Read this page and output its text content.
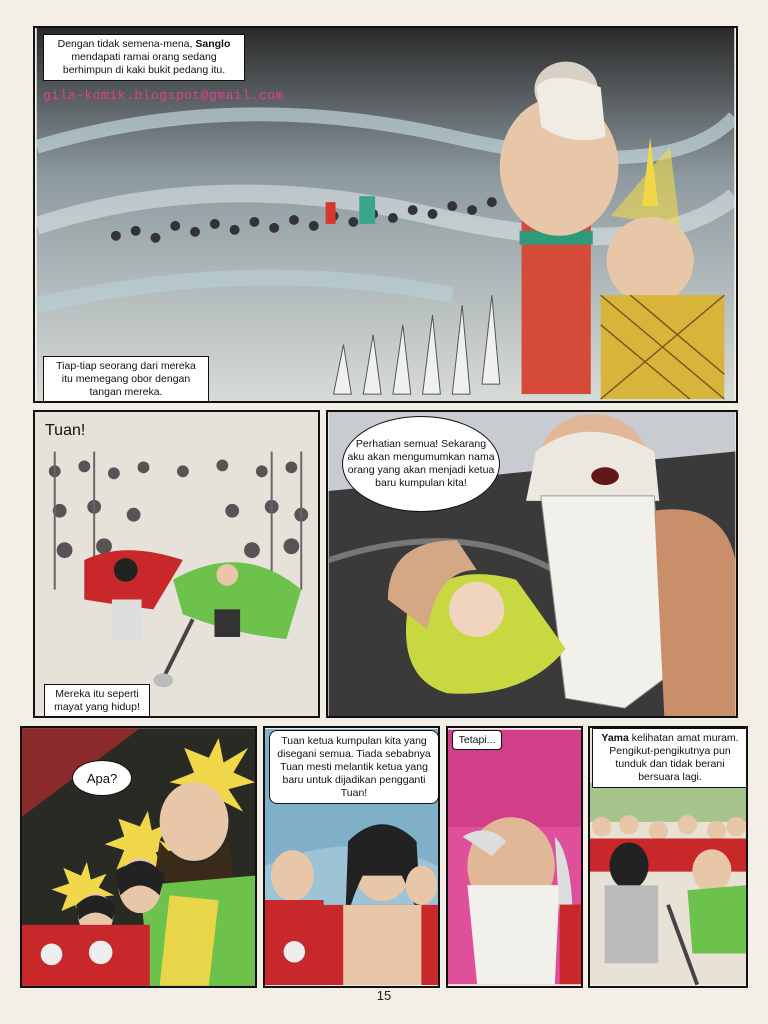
gila-komik.blogspot@gmail.com
Dengan tidak semena-mena, Sanglo mendapati ramai orang sedang berhimpun di kaki bukit pedang itu.
Tiap-tiap seorang dari mereka itu memegang obor dengan tangan mereka.
Tuan!
Mereka itu seperti mayat yang hidup!
Perhatian semua! Sekarang aku akan mengumumkan nama orang yang akan menjadi ketua baru kumpulan kita!
Apa?
Tuan ketua kumpulan kita yang disegani semua. Tiada sebabnya Tuan mesti melantik ketua yang baru untuk dijadikan pengganti Tuan!
Tetapi...	Yama kelihatan amat muram. Pengikut-pengikutnya pun tunduk dan tidak berani bersuara lagi.
15
